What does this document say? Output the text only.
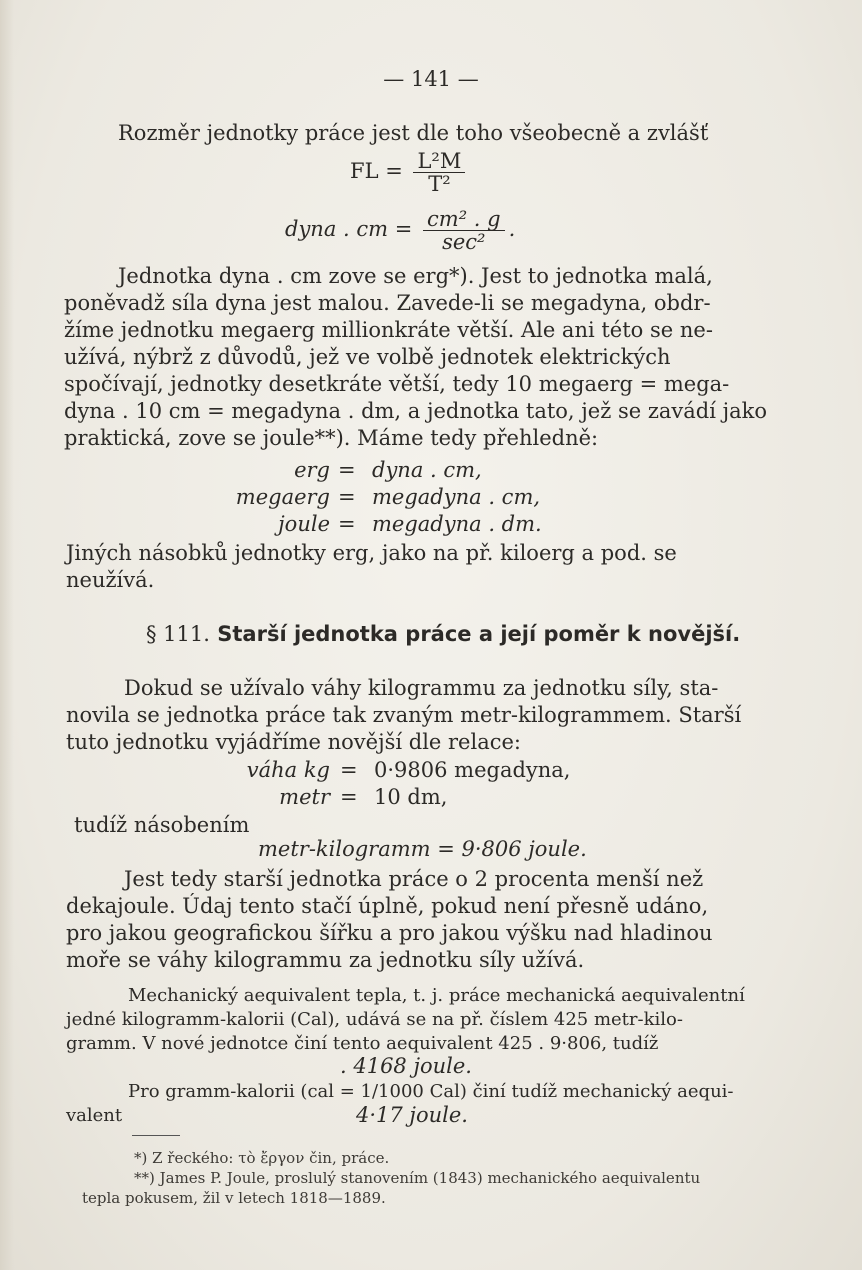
— 141 —
Rozměr jednotky práce jest dle toho všeobecně a zvlášť
FL = $\frac{\text{L²M}}{\text{T²}}$
dyna . cm = $\frac{\text{cm² . g}}{\text{sec²}}$ .
Jednotka dyna . cm zove se erg*). Jest to jednotka malá,
poněvadž síla dyna jest malou. Zavede-li se megadyna, obdr-
žíme jednotku megaerg millionkráte větší. Ale ani této se ne-
užívá, nýbrž z důvodů, jež ve volbě jednotek elektrických
spočívají, jednotky desetkráte větší, tedy 10 megaerg = mega-
dyna . 10 cm = megadyna . dm, a jednotka tato, jež se zavádí jako
praktická, zove se joule**). Máme tedy přehledně:
erg = dyna . cm,
megaerg = megadyna . cm,
joule = megadyna . dm.
Jiných násobků jednotky erg, jako na př. kiloerg a pod. se
neužívá.
§ 111. Starší jednotka práce a její poměr k novější.
Dokud se užívalo váhy kilogrammu za jednotku síly, sta-
novila se jednotka práce tak zvaným metr-kilogrammem. Starší
tuto jednotku vyjádříme novější dle relace:
váha kg = 0·9806 megadyna,
metr = 10 dm,
tudíž násobením
metr-kilogramm = 9·806 joule.
Jest tedy starší jednotka práce o 2 procenta menší než
dekajoule. Údaj tento stačí úplně, pokud není přesně udáno,
pro jakou geografickou šířku a pro jakou výšku nad hladinou
moře se váhy kilogrammu za jednotku síly užívá.
Mechanický aequivalent tepla, t. j. práce mechanická aequivalentní
jedné kilogramm-kalorii (Cal), udává se na př. číslem 425 metr-kilo-
gramm. V nové jednotce činí tento aequivalent 425 . 9·806, tudíž
. 4168 joule.
Pro gramm-kalorii (cal = 1/1000 Cal) činí tudíž mechanický aequi-
valent	4·17 joule.
*) Z řeckého: τὸ ἔργον čin, práce.
**) James P. Joule, proslulý stanovením (1843) mechanického aequivalentu
tepla pokusem, žil v letech 1818—1889.
